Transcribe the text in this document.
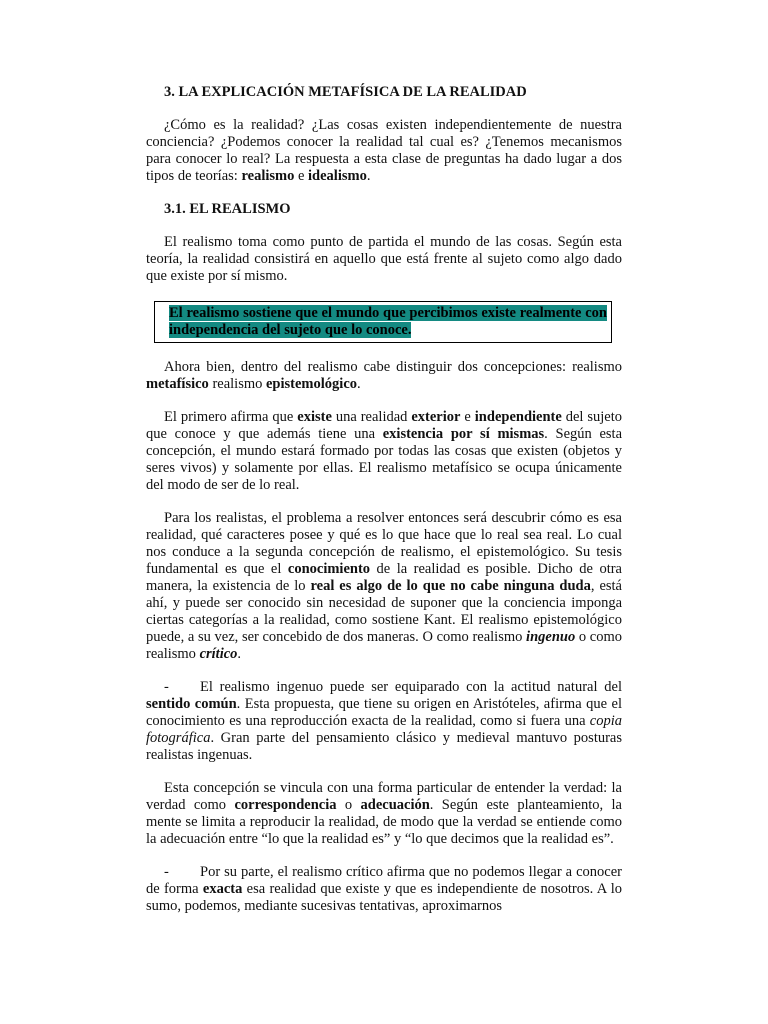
3. LA EXPLICACIÓN METAFÍSICA DE LA REALIDAD

¿Cómo es la realidad? ¿Las cosas existen independientemente de nuestra conciencia? ¿Podemos conocer la realidad tal cual es? ¿Tenemos mecanismos para conocer lo real? La respuesta a esta clase de preguntas ha dado lugar a dos tipos de teorías: realismo e idealismo.

3.1. EL REALISMO

El realismo toma como punto de partida el mundo de las cosas. Según esta teoría, la realidad consistirá en aquello que está frente al sujeto como algo dado que existe por sí mismo.

El realismo sostiene que el mundo que percibimos existe realmente con independencia del sujeto que lo conoce.

Ahora bien, dentro del realismo cabe distinguir dos concepciones: realismo metafísico realismo epistemológico.

El primero afirma que existe una realidad exterior e independiente del sujeto que conoce y que además tiene una existencia por sí mismas. Según esta concepción, el mundo estará formado por todas las cosas que existen (objetos y seres vivos) y solamente por ellas. El realismo metafísico se ocupa únicamente del modo de ser de lo real.

Para los realistas, el problema a resolver entonces será descubrir cómo es esa realidad, qué caracteres posee y qué es lo que hace que lo real sea real. Lo cual nos conduce a la segunda concepción de realismo, el epistemológico. Su tesis fundamental es que el conocimiento de la realidad es posible. Dicho de otra manera, la existencia de lo real es algo de lo que no cabe ninguna duda, está ahí, y puede ser conocido sin necesidad de suponer que la conciencia imponga ciertas categorías a la realidad, como sostiene Kant. El realismo epistemológico puede, a su vez, ser concebido de dos maneras. O como realismo ingenuo o como realismo crítico.

- El realismo ingenuo puede ser equiparado con la actitud natural del sentido común. Esta propuesta, que tiene su origen en Aristóteles, afirma que el conocimiento es una reproducción exacta de la realidad, como si fuera una copia fotográfica. Gran parte del pensamiento clásico y medieval mantuvo posturas realistas ingenuas.

Esta concepción se vincula con una forma particular de entender la verdad: la verdad como correspondencia o adecuación. Según este planteamiento, la mente se limita a reproducir la realidad, de modo que la verdad se entiende como la adecuación entre “lo que la realidad es” y “lo que decimos que la realidad es”.

- Por su parte, el realismo crítico afirma que no podemos llegar a conocer de forma exacta esa realidad que existe y que es independiente de nosotros. A lo sumo, podemos, mediante sucesivas tentativas, aproximarnos
